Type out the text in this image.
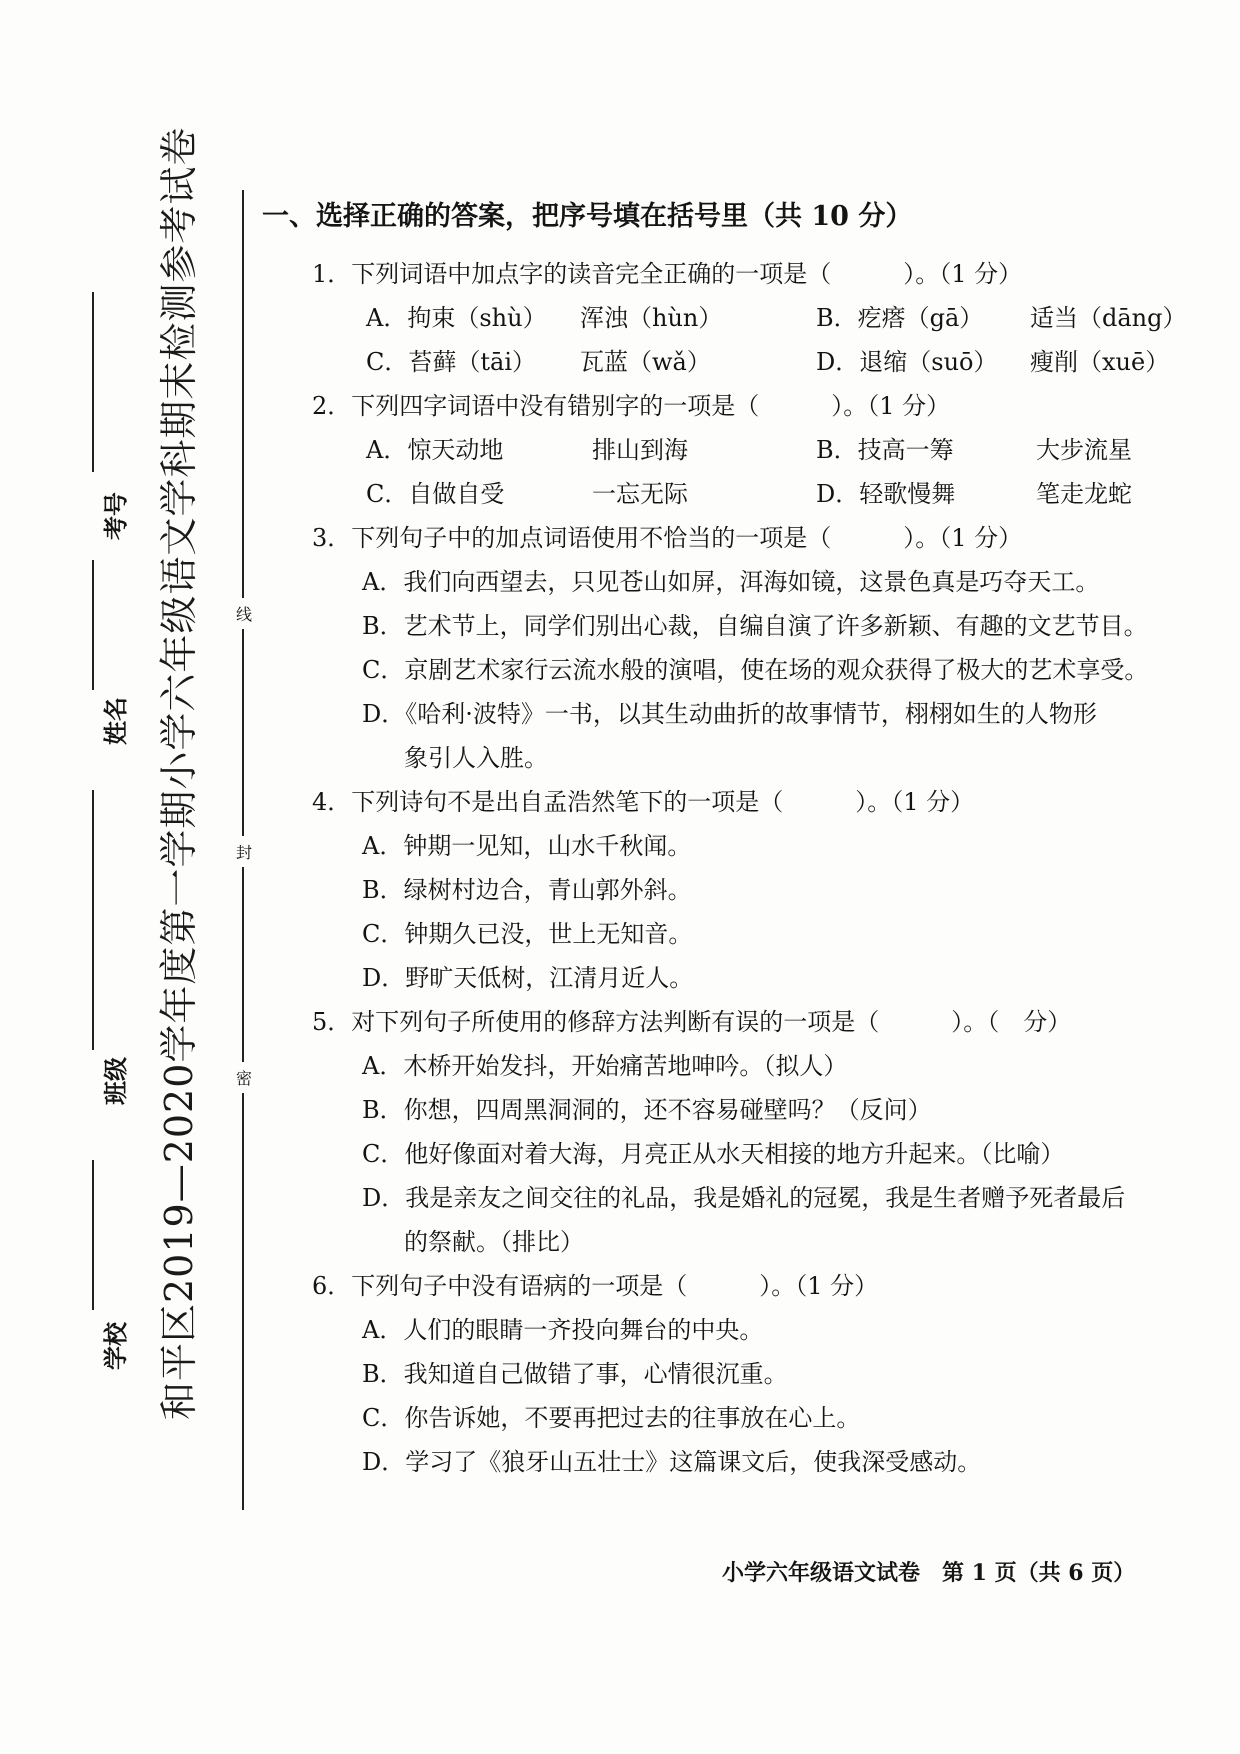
和平区2019—2020学年度第一学期小学六年级语文学科期末检测参考试卷
考号
姓名
班级
学校
线
封
密
一、选择正确的答案，把序号填在括号里（共 10 分）
1．下列词语中加点字的读音完全正确的一项是（　　　）。（1 分）
A．拘束（shù） 浑浊（hùn）	B．疙瘩（gā） 适当（dāng）
C．苔藓（tāi） 瓦蓝（wǎ）	D．退缩（suō） 瘦削（xuē）
2．下列四字词语中没有错别字的一项是（　　　）。（1 分）
A．惊天动地	排山到海	B．技高一筹	大步流星
C．自做自受	一忘无际	D．轻歌慢舞	笔走龙蛇
3．下列句子中的加点词语使用不恰当的一项是（　　　）。（1 分）
A．我们向西望去，只见苍山如屏，洱海如镜，这景色真是巧夺天工。
B．艺术节上，同学们别出心裁，自编自演了许多新颖、有趣的文艺节目。
C．京剧艺术家行云流水般的演唱，使在场的观众获得了极大的艺术享受。
D．《哈利·波特》一书，以其生动曲折的故事情节，栩栩如生的人物形
象引人入胜。
4．下列诗句不是出自孟浩然笔下的一项是（　　　）。（1 分）
A．钟期一见知，山水千秋闻。
B．绿树村边合，青山郭外斜。
C．钟期久已没，世上无知音。
D．野旷天低树，江清月近人。
5．对下列句子所使用的修辞方法判断有误的一项是（　　　）。（　分）
A．木桥开始发抖，开始痛苦地呻吟。（拟人）
B．你想，四周黑洞洞的，还不容易碰壁吗？（反问）
C．他好像面对着大海，月亮正从水天相接的地方升起来。（比喻）
D．我是亲友之间交往的礼品，我是婚礼的冠冕，我是生者赠予死者最后
的祭献。（排比）
6．下列句子中没有语病的一项是（　　　）。（1 分）
A．人们的眼睛一齐投向舞台的中央。
B．我知道自己做错了事，心情很沉重。
C．你告诉她，不要再把过去的往事放在心上。
D．学习了《狼牙山五壮士》这篇课文后，使我深受感动。
小学六年级语文试卷　第 1 页（共 6 页）
